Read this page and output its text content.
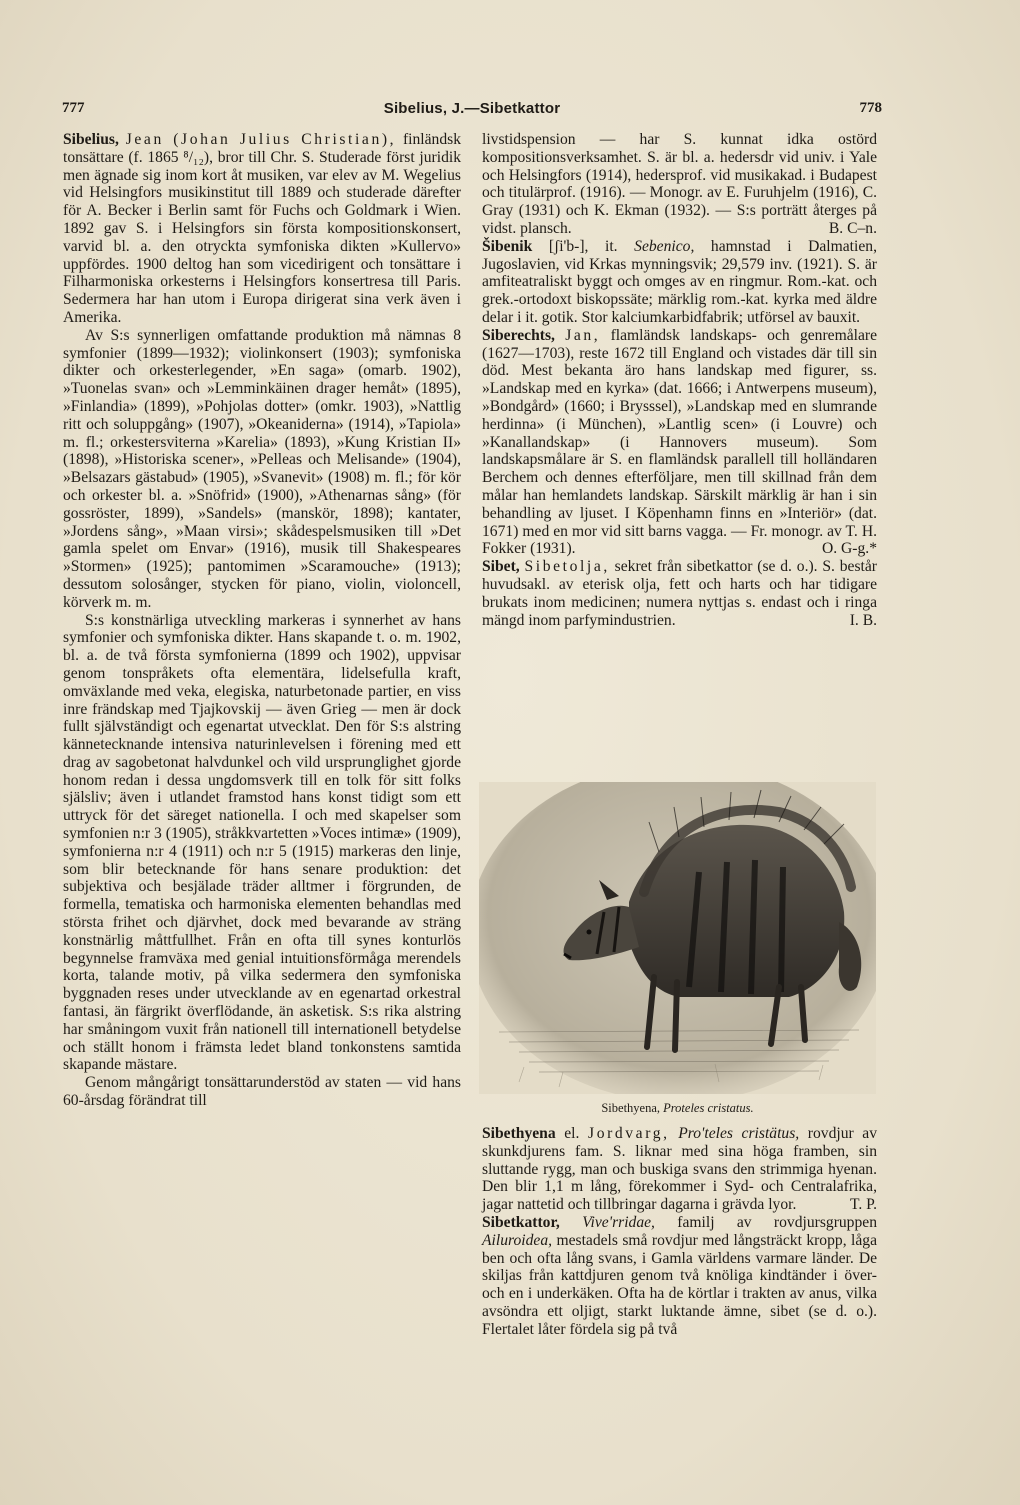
777	Sibelius, J.—Sibetkattor	778

Sibelius, Jean (Johan Julius Christian), finländsk tonsättare (f. 1865 ⁸/₁₂), bror till Chr. S. Studerade först juridik men ägnade sig inom kort åt musiken, var elev av M. Wegelius vid Helsingfors musikinstitut till 1889 och studerade därefter för A. Becker i Berlin samt för Fuchs och Goldmark i Wien. 1892 gav S. i Helsingfors sin första kompositionskonsert, varvid bl. a. den otryckta symfoniska dikten »Kullervo» uppfördes. 1900 deltog han som vicedirigent och tonsättare i Filharmoniska orkesterns i Helsingfors konsertresa till Paris. Sedermera har han utom i Europa dirigerat sina verk även i Amerika.

Av S:s synnerligen omfattande produktion må nämnas 8 symfonier (1899—1932); violinkonsert (1903); symfoniska dikter och orkesterlegender, »En saga» (omarb. 1902), »Tuonelas svan» och »Lemminkäinen drager hemåt» (1895), »Finlandia» (1899), »Pohjolas dotter» (omkr. 1903), »Nattlig ritt och soluppgång» (1907), »Okeaniderna» (1914), »Tapiola» m. fl.; orkestersviterna »Karelia» (1893), »Kung Kristian II» (1898), »Historiska scener», »Pelleas och Melisande» (1904), »Belsazars gästabud» (1905), »Svanevit» (1908) m. fl.; för kör och orkester bl. a. »Snöfrid» (1900), »Athenarnas sång» (för gossröster, 1899), »Sandels» (manskör, 1898); kantater, »Jordens sång», »Maan virsi»; skådespelsmusiken till »Det gamla spelet om Envar» (1916), musik till Shakespeares »Stormen» (1925); pantomimen »Scaramouche» (1913); dessutom solosånger, stycken för piano, violin, violoncell, körverk m. m.

S:s konstnärliga utveckling markeras i synnerhet av hans symfonier och symfoniska dikter. Hans skapande t. o. m. 1902, bl. a. de två första symfonierna (1899 och 1902), uppvisar genom tonspråkets ofta elementära, lidelsefulla kraft, omväxlande med veka, elegiska, naturbetonade partier, en viss inre frändskap med Tjajkovskij — även Grieg — men är dock fullt självständigt och egenartat utvecklat. Den för S:s alstring kännetecknande intensiva naturinlevelsen i förening med ett drag av sagobetonat halvdunkel och vild ursprunglighet gjorde honom redan i dessa ungdomsverk till en tolk för sitt folks själsliv; även i utlandet framstod hans konst tidigt som ett uttryck för det säreget nationella. I och med skapelser som symfonien n:r 3 (1905), stråkkvartetten »Voces intimæ» (1909), symfonierna n:r 4 (1911) och n:r 5 (1915) markeras den linje, som blir betecknande för hans senare produktion: det subjektiva och besjälade träder alltmer i förgrunden, de formella, tematiska och harmoniska elementen behandlas med största frihet och djärvhet, dock med bevarande av sträng konstnärlig måttfullhet. Från en ofta till synes konturlös begynnelse framväxa med genial intuitionsförmåga merendels korta, talande motiv, på vilka sedermera den symfoniska byggnaden reses under utvecklande av en egenartad orkestral fantasi, än färgrikt överflödande, än asketisk. S:s rika alstring har småningom vuxit från nationell till internationell betydelse och ställt honom i främsta ledet bland tonkonstens samtida skapande mästare.

Genom mångårigt tonsättarunderstöd av staten — vid hans 60-årsdag förändrat till

livstidspension — har S. kunnat idka ostörd kompositionsverksamhet. S. är bl. a. hedersdr vid univ. i Yale och Helsingfors (1914), hedersprof. vid musikakad. i Budapest och titulärprof. (1916). — Monogr. av E. Furuhjelm (1916), C. Gray (1931) och K. Ekman (1932). — S:s porträtt återges på vidst. plansch.	B. C–n.

Šibenik [ʃi'b-], it. Sebenico, hamnstad i Dalmatien, Jugoslavien, vid Krkas mynningsvik; 29,579 inv. (1921). S. är amfiteatraliskt byggt och omges av en ringmur. Rom.-kat. och grek.-ortodoxt biskopssäte; märklig rom.-kat. kyrka med äldre delar i it. gotik. Stor kalciumkarbidfabrik; utförsel av bauxit.

Siberechts, Jan, flamländsk landskaps- och genremålare (1627—1703), reste 1672 till England och vistades där till sin död. Mest bekanta äro hans landskap med figurer, ss. »Landskap med en kyrka» (dat. 1666; i Antwerpens museum), »Bondgård» (1660; i Brysssel), »Landskap med en slumrande herdinna» (i München), »Lantlig scen» (i Louvre) och »Kanallandskap» (i Hannovers museum). Som landskapsmålare är S. en flamländsk parallell till holländaren Berchem och dennes efterföljare, men till skillnad från dem målar han hemlandets landskap. Särskilt märklig är han i sin behandling av ljuset. I Köpenhamn finns en »Interiör» (dat. 1671) med en mor vid sitt barns vagga. — Fr. monogr. av T. H. Fokker (1931).	O. G-g.*

Sibet, Sibetolja, sekret från sibetkattor (se d. o.). S. består huvudsakl. av eterisk olja, fett och harts och har tidigare brukats inom medicinen; numera nyttjas s. endast och i ringa mängd inom parfymindustrien.	I. B.

Sibethyena, Proteles cristatus.

Sibethyena el. Jordvarg, Pro'teles cristätus, rovdjur av skunkdjurens fam. S. liknar med sina höga framben, sin sluttande rygg, man och buskiga svans den strimmiga hyenan. Den blir 1,1 m lång, förekommer i Syd- och Centralafrika, jagar nattetid och tillbringar dagarna i grävda lyor.	T. P.

Sibetkattor, Vive'rridae, familj av rovdjursgruppen Ailuroidea, mestadels små rovdjur med långsträckt kropp, låga ben och ofta lång svans, i Gamla världens varmare länder. De skiljas från kattdjuren genom två knöliga kindtänder i över- och en i underkäken. Ofta ha de körtlar i trakten av anus, vilka avsöndra ett oljigt, starkt luktande ämne, sibet (se d. o.). Flertalet låter fördela sig på två
